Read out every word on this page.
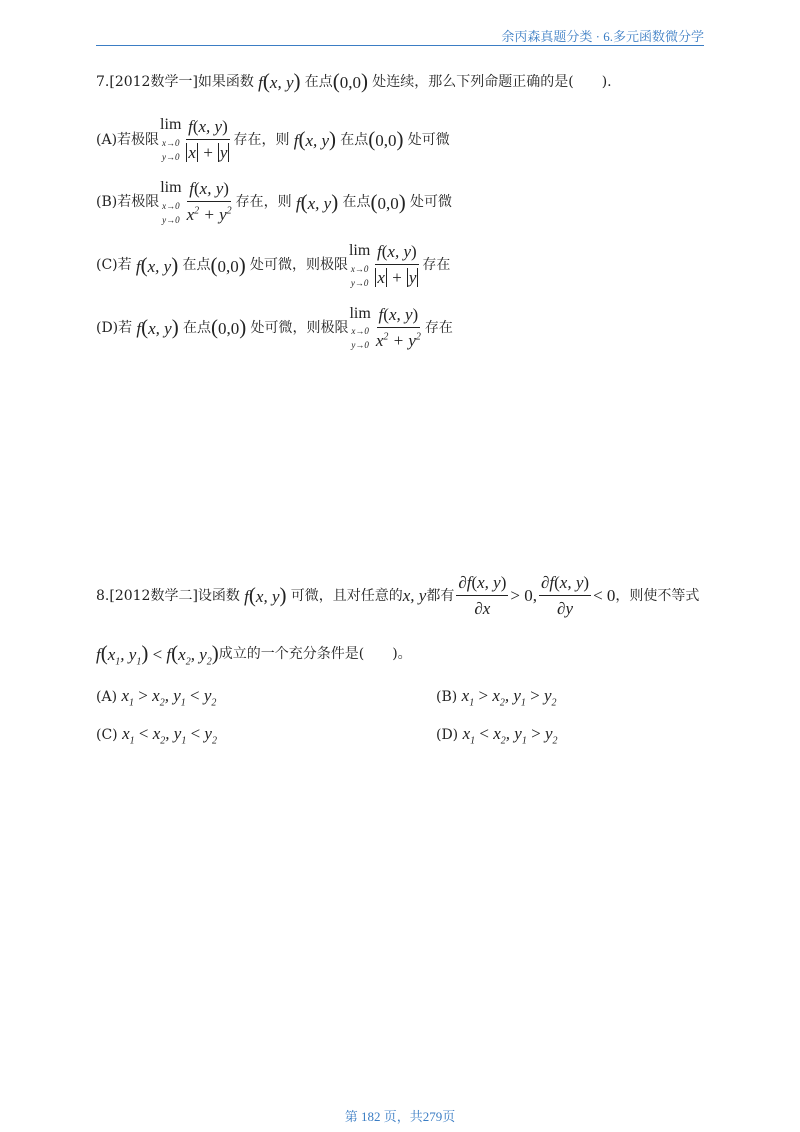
余丙森真题分类 · 6.多元函数微分学
7. [2012数学一] 如果函数 f(x, y) 在点 (0,0) 处连续，那么下列命题正确的是(　　).
(A) 若极限
lim
x→0
$y\to 0 \frac{f(x, y)}{x + y}$ 存在，则 f(x, y) 在点 (0,0) 处可微
(B) 若极限
lim
x→0
$y\to 0 \frac{f(x, y)}{x^2 + y^2}$ 存在，则 f(x, y) 在点 (0,0) 处可微
(C) 若 f(x, y) 在点 (0,0) 处可微，则极限
lim
x→0
$y\to 0 \frac{f(x, y)}{x + y}$ 存在
(D) 若 f(x, y) 在点 (0,0) 处可微，则极限
lim
x→0
$y\to 0 \frac{f(x, y)}{x^2 + y^2}$ 存在
8. [2012数学二] 设函数 f(x, y) 可微，且对任意的 x, y 都有 $\frac{\partial f(x, y)}{\partial x} > 0$, $\frac{\partial f(x, y)}{\partial y} < 0$ ，则使不等式
$f(x_1$, $y_1) < f(x_2$, $y_2$) 成立的一个充分条件是(　　)。
(A)
$x_1 > x_2$, $y_1 < y_2$	(B)
$x_1 > x_2$, $y_1 > y_2$
(C)
$x_1 < x_2$, $y_1 < y_2$	(D)
$x_1 < x_2$, $y_1 > y_2$
第 182 页，共279页
